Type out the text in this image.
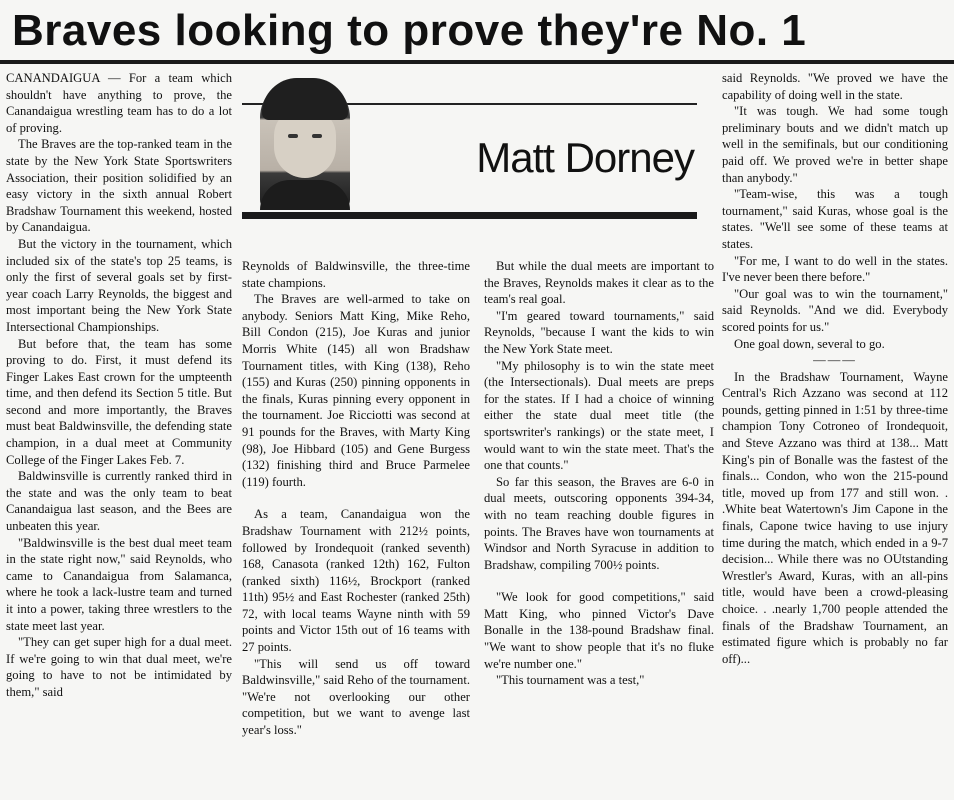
Braves looking to prove they're No. 1

CANANDAIGUA — For a team which shouldn't have anything to prove, the Canandaigua wrestling team has to do a lot of proving.

The Braves are the top-ranked team in the state by the New York State Sportswriters Association, their position solidified by an easy victory in the sixth annual Robert Bradshaw Tournament this weekend, hosted by Canandaigua.

But the victory in the tournament, which included six of the state's top 25 teams, is only the first of several goals set by first-year coach Larry Reynolds, the biggest and most important being the New York State Intersectional Championships.

But before that, the team has some proving to do. First, it must defend its Finger Lakes East crown for the umpteenth time, and then defend its Section 5 title. But second and more importantly, the Braves must beat Baldwinsville, the defending state champion, in a dual meet at Community College of the Finger Lakes Feb. 7.

Baldwinsville is currently ranked third in the state and was the only team to beat Canandaigua last season, and the Bees are unbeaten this year.

"Baldwinsville is the best dual meet team in the state right now," said Reynolds, who came to Canandaigua from Salamanca, where he took a lack-lustre team and turned it into a power, taking three wrestlers to the state meet last year.

"They can get super high for a dual meet. If we're going to win that dual meet, we're going to have to not be intimidated by them," said

Matt Dorney

Reynolds of Baldwinsville, the three-time state champions.

The Braves are well-armed to take on anybody. Seniors Matt King, Mike Reho, Bill Condon (215), Joe Kuras and junior Morris White (145) all won Bradshaw Tournament titles, with King (138), Reho (155) and Kuras (250) pinning opponents in the finals, Kuras pinning every opponent in the tournament. Joe Ricciotti was second at 91 pounds for the Braves, with Marty King (98), Joe Hibbard (105) and Gene Burgess (132) finishing third and Bruce Parmelee (119) fourth.

As a team, Canandaigua won the Bradshaw Tournament with 212½ points, followed by Irondequoit (ranked seventh) 168, Canasota (ranked 12th) 162, Fulton (ranked sixth) 116½, Brockport (ranked 11th) 95½ and East Rochester (ranked 25th) 72, with local teams Wayne ninth with 59 points and Victor 15th out of 16 teams with 27 points.

"This will send us off toward Baldwinsville," said Reho of the tournament. "We're not overlooking our other competition, but we want to avenge last year's loss."

But while the dual meets are important to the Braves, Reynolds makes it clear as to the team's real goal.

"I'm geared toward tournaments," said Reynolds, "because I want the kids to win the New York State meet.

"My philosophy is to win the state meet (the Intersectionals). Dual meets are preps for the states. If I had a choice of winning either the state dual meet title (the sportswriter's rankings) or the state meet, I would want to win the state meet. That's the one that counts."

So far this season, the Braves are 6-0 in dual meets, outscoring opponents 394-34, with no team reaching double figures in points. The Braves have won tournaments at Windsor and North Syracuse in addition to Bradshaw, compiling 700½ points.

"We look for good competitions," said Matt King, who pinned Victor's Dave Bonalle in the 138-pound Bradshaw final. "We want to show people that it's no fluke we're number one."

"This tournament was a test,"

said Reynolds. "We proved we have the capability of doing well in the state.

"It was tough. We had some tough preliminary bouts and we didn't match up well in the semifinals, but our conditioning paid off. We proved we're in better shape than anybody."

"Team-wise, this was a tough tournament," said Kuras, whose goal is the states. "We'll see some of these teams at states.

"For me, I want to do well in the states. I've never been there before."

"Our goal was to win the tournament," said Reynolds. "And we did. Everybody scored points for us."

One goal down, several to go.

———

In the Bradshaw Tournament, Wayne Central's Rich Azzano was second at 112 pounds, getting pinned in 1:51 by three-time champion Tony Cotroneo of Irondequoit, and Steve Azzano was third at 138... Matt King's pin of Bonalle was the fastest of the finals... Condon, who won the 215-pound title, moved up from 177 and still won. . .White beat Watertown's Jim Capone in the finals, Capone twice having to use injury time during the match, which ended in a 9-7 decision... While there was no OUtstanding Wrestler's Award, Kuras, with an all-pins title, would have been a crowd-pleasing choice. . .nearly 1,700 people attended the finals of the Bradshaw Tournament, an estimated figure which is probably no far off)...
